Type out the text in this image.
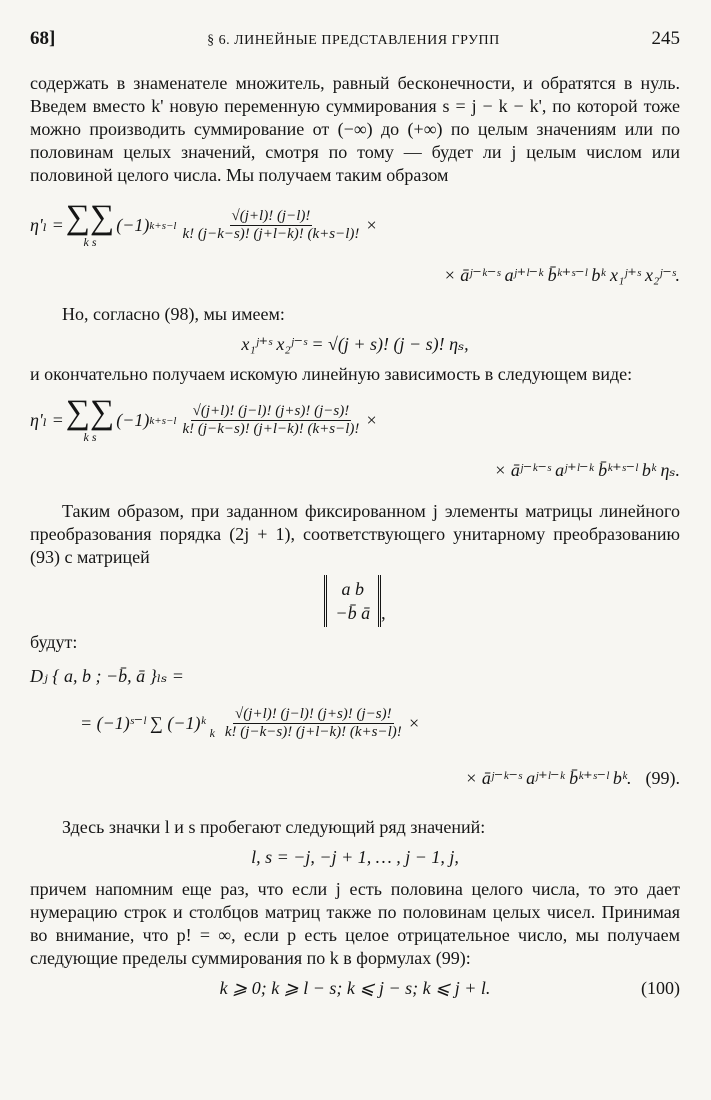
68]	§ 6. ЛИНЕЙНЫЕ ПРЕДСТАВЛЕНИЯ ГРУПП	245

содержать в знаменателе множитель, равный бесконечности, и обратятся в нуль. Введем вместо k' новую переменную суммирования s = j − k − k', по которой тоже можно производить суммирование от (−∞) до (+∞) по целым значениям или по половинам целых значений, смотря по тому — будет ли j целым числом или половиной целого числа. Мы получаем таким образом

η'ₗ = ∑∑
k s
(−1) $k+s-l \frac{√(j+l)! (j-l)!}{k! (j-k-s)! (j+l-k)! (k+s-l)!}$ ×
× āʲ⁻ᵏ⁻ˢ aʲ⁺ˡ⁻ᵏ b̄ᵏ⁺ˢ⁻ˡ bᵏ x₁ʲ⁺ˢ x₂ʲ⁻ˢ.

Но, согласно (98), мы имеем:

x₁ʲ⁺ˢ x₂ʲ⁻ˢ = √(j + s)! (j − s)! ηₛ,

и окончательно получаем искомую линейную зависимость в следующем виде:

η'ₗ = ∑∑
k s
(−1) $k+s-l \frac{√(j+l)! (j-l)! (j+s)! (j-s)!}{k! (j-k-s)! (j+l-k)! (k+s-l)!}$ ×
× āʲ⁻ᵏ⁻ˢ aʲ⁺ˡ⁻ᵏ b̄ᵏ⁺ˢ⁻ˡ bᵏ ηₛ.

Таким образом, при заданном фиксированном j элементы матрицы линейного преобразования порядка (2j + 1), соответствующего унитарному преобразованию (93) с матрицей

a b
−b̄ ā ,

будут:

Dⱼ { a, b ; −b̄, ā }ₗₛ =
= (−1)ˢ⁻ˡ ∑ (−1)ᵏ k $\frac{√(j+l)! (j-l)! (j+s)! (j-s)!}{k! (j-k-s)! (j+l-k)! (k+s-l)!}$ ×
× āʲ⁻ᵏ⁻ˢ aʲ⁺ˡ⁻ᵏ b̄ᵏ⁺ˢ⁻ˡ bᵏ. (99).

Здесь значки l и s пробегают следующий ряд значений:

l, s = −j, −j + 1, … , j − 1, j,

причем напомним еще раз, что если j есть половина целого числа, то это дает нумерацию строк и столбцов матриц также по половинам целых чисел. Принимая во внимание, что p! = ∞, если p есть целое отрицательное число, мы получаем следующие пределы суммирования по k в формулах (99):

k ⩾ 0; k ⩾ l − s; k ⩽ j − s; k ⩽ j + l.	(100)
